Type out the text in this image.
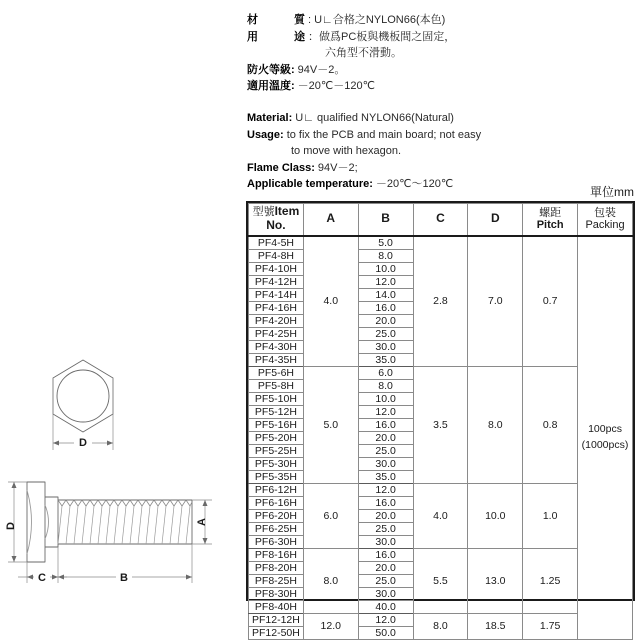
材	質 : U∟合格之NYLON66(本色)
用	途 ：做爲PC板與機板間之固定，
六角型不滑動。
防火等級: 94V－2。
適用溫度: －20℃－120℃
Material: U∟ qualified NYLON66(Natural)
Usage: to fix the PCB and main board; not easy
to move with hexagon.
Flame Class: 94V－2;
Applicable temperature: －20℃～120℃
單位mm
型號Item No.	A	B	C	D	螺距
Pitch	包裝
Packing

PF4-5H	4.0	5.0	2.8	7.0	0.7	100pcs
(1000pcs)
PF4-8H		8.0				
PF4-10H		10.0				
PF4-12H		12.0				
PF4-14H		14.0				
PF4-16H		16.0				
PF4-20H		20.0				
PF4-25H		25.0				
PF4-30H		30.0				
PF4-35H		35.0				
PF5-6H	5.0	6.0	3.5	8.0	0.8	
PF5-8H		8.0				
PF5-10H		10.0				
PF5-12H		12.0				
PF5-16H		16.0				
PF5-20H		20.0				
PF5-25H		25.0				
PF5-30H		30.0				
PF5-35H		35.0				
PF6-12H	6.0	12.0	4.0	10.0	1.0	
PF6-16H		16.0				
PF6-20H		20.0				
PF6-25H		25.0				
PF6-30H		30.0				
PF8-16H	8.0	16.0	5.5	13.0	1.25	
PF8-20H		20.0				
PF8-25H		25.0				
PF8-30H		30.0				
PF8-40H		40.0				
PF12-12H	12.0	12.0	8.0	18.5	1.75	
PF12-50H		50.0				
D
D
C	B
A
